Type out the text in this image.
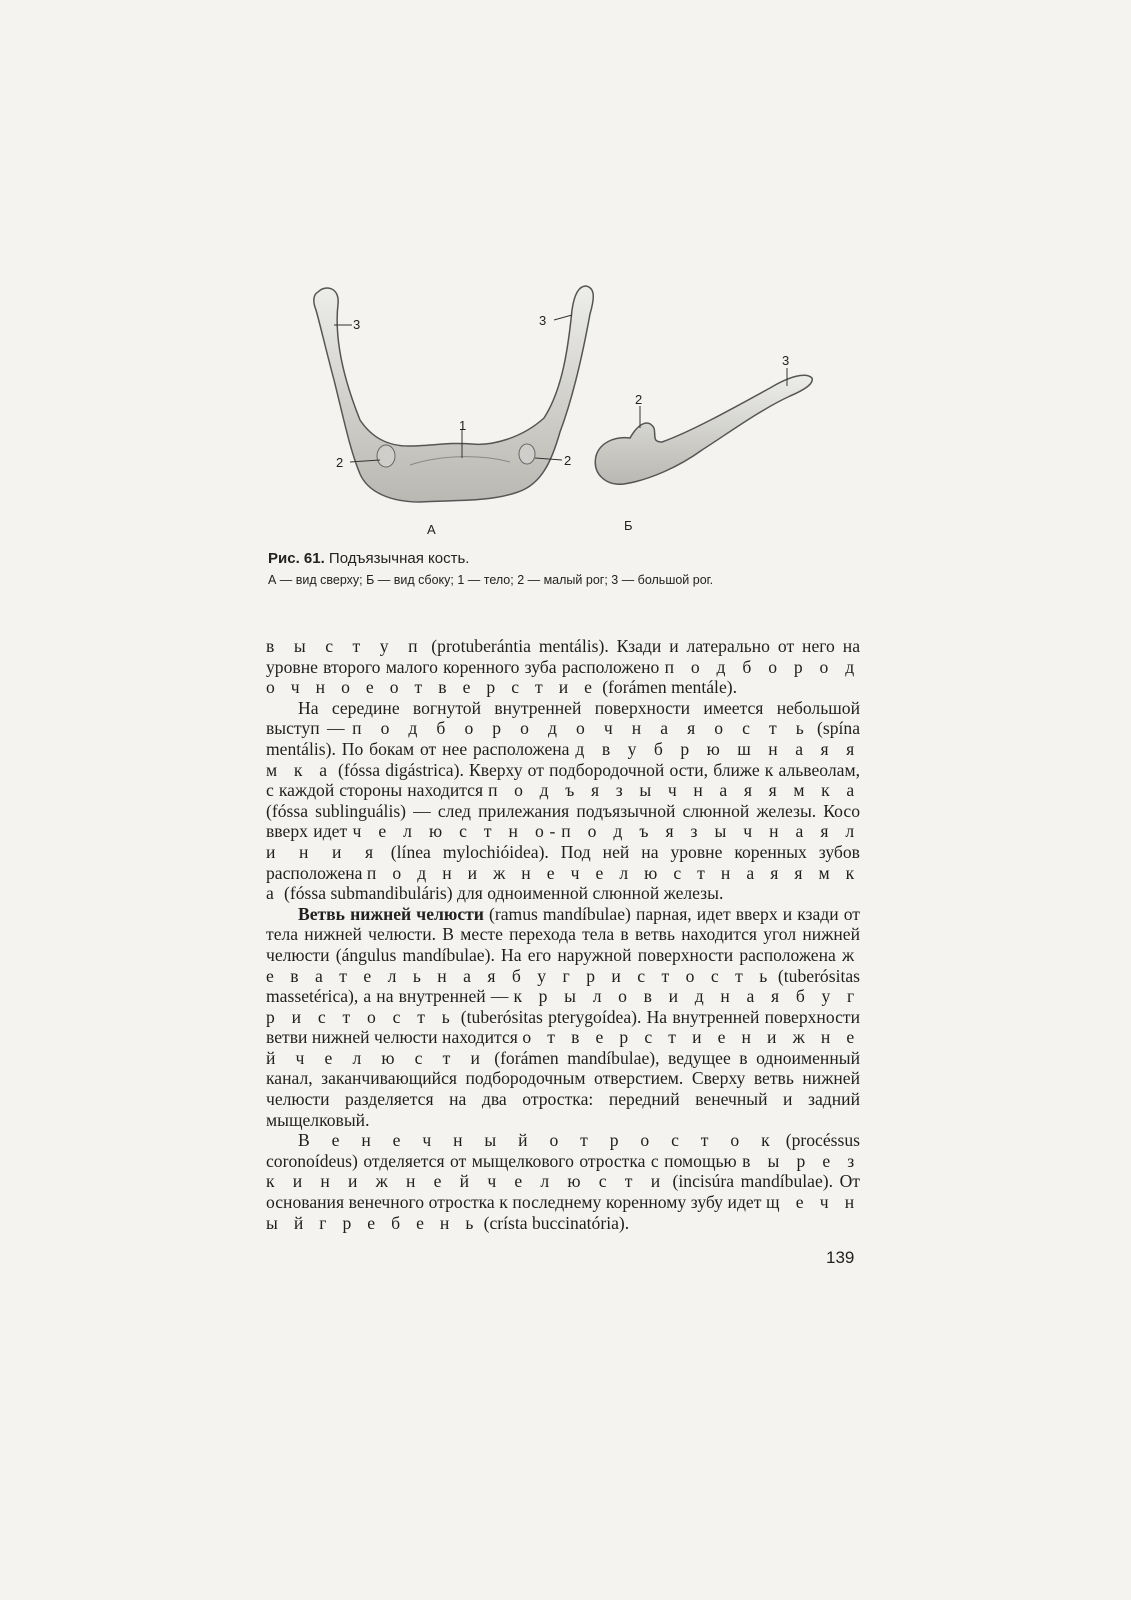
3	3
2	2
1
2
3
А	Б

Рис. 61. Подъязычная кость.

А — вид сверху; Б — вид сбоку; 1 — тело; 2 — малый рог; 3 — большой рог.

в ы с т у п (protuberántia mentális). Кзади и латерально от него на уровне второго малого коренного зуба расположено п о д б о р о д о ч н о е о т в е р с т и е (forámen mentále).

На середине вогнутой внутренней поверхности имеется небольшой выступ — п о д б о р о д о ч н а я о с т ь (spína mentális). По бокам от нее расположена д в у б р ю ш н а я я м к а (fóssa digástrica). Кверху от подбородочной ости, ближе к альвеолам, с каждой стороны находится п о д ъ я з ы ч н а я я м к а (fóssa sublinguális) — след прилежания подъязычной слюнной железы. Косо вверх идет ч е л ю с т н о-п о д ъ я з ы ч н а я л и н и я (línea mylochióidea). Под ней на уровне коренных зубов расположена п о д н и ж н е ч е л ю с т н а я я м к а (fóssa submandibuláris) для одноименной слюнной железы.

Ветвь нижней челюсти (ramus mandíbulae) парная, идет вверх и кзади от тела нижней челюсти. В месте перехода тела в ветвь находится угол нижней челюсти (ángulus mandíbulae). На его наружной поверхности расположена ж е в а т е л ь н а я б у г р и с т о с т ь (tuberósitas massetérica), а на внутренней — к р ы л о в и д н а я б у г р и с т о с т ь (tuberósitas pterygoídea). На внутренней поверхности ветви нижней челюсти находится о т в е р с т и е н и ж н е й ч е л ю с т и (forámen mandíbulae), ведущее в одноименный канал, заканчивающийся подбородочным отверстием. Сверху ветвь нижней челюсти разделяется на два отростка: передний венечный и задний мыщелковый.

В е н е ч н ы й о т р о с т о к (procéssus coronoídeus) отделяется от мыщелкового отростка с помощью в ы р е з к и н и ж н е й ч е л ю с т и (incisúra mandíbulae). От основания венечного отростка к последнему коренному зубу идет щ е ч н ы й г р е б е н ь (crísta buccinatória).

139
